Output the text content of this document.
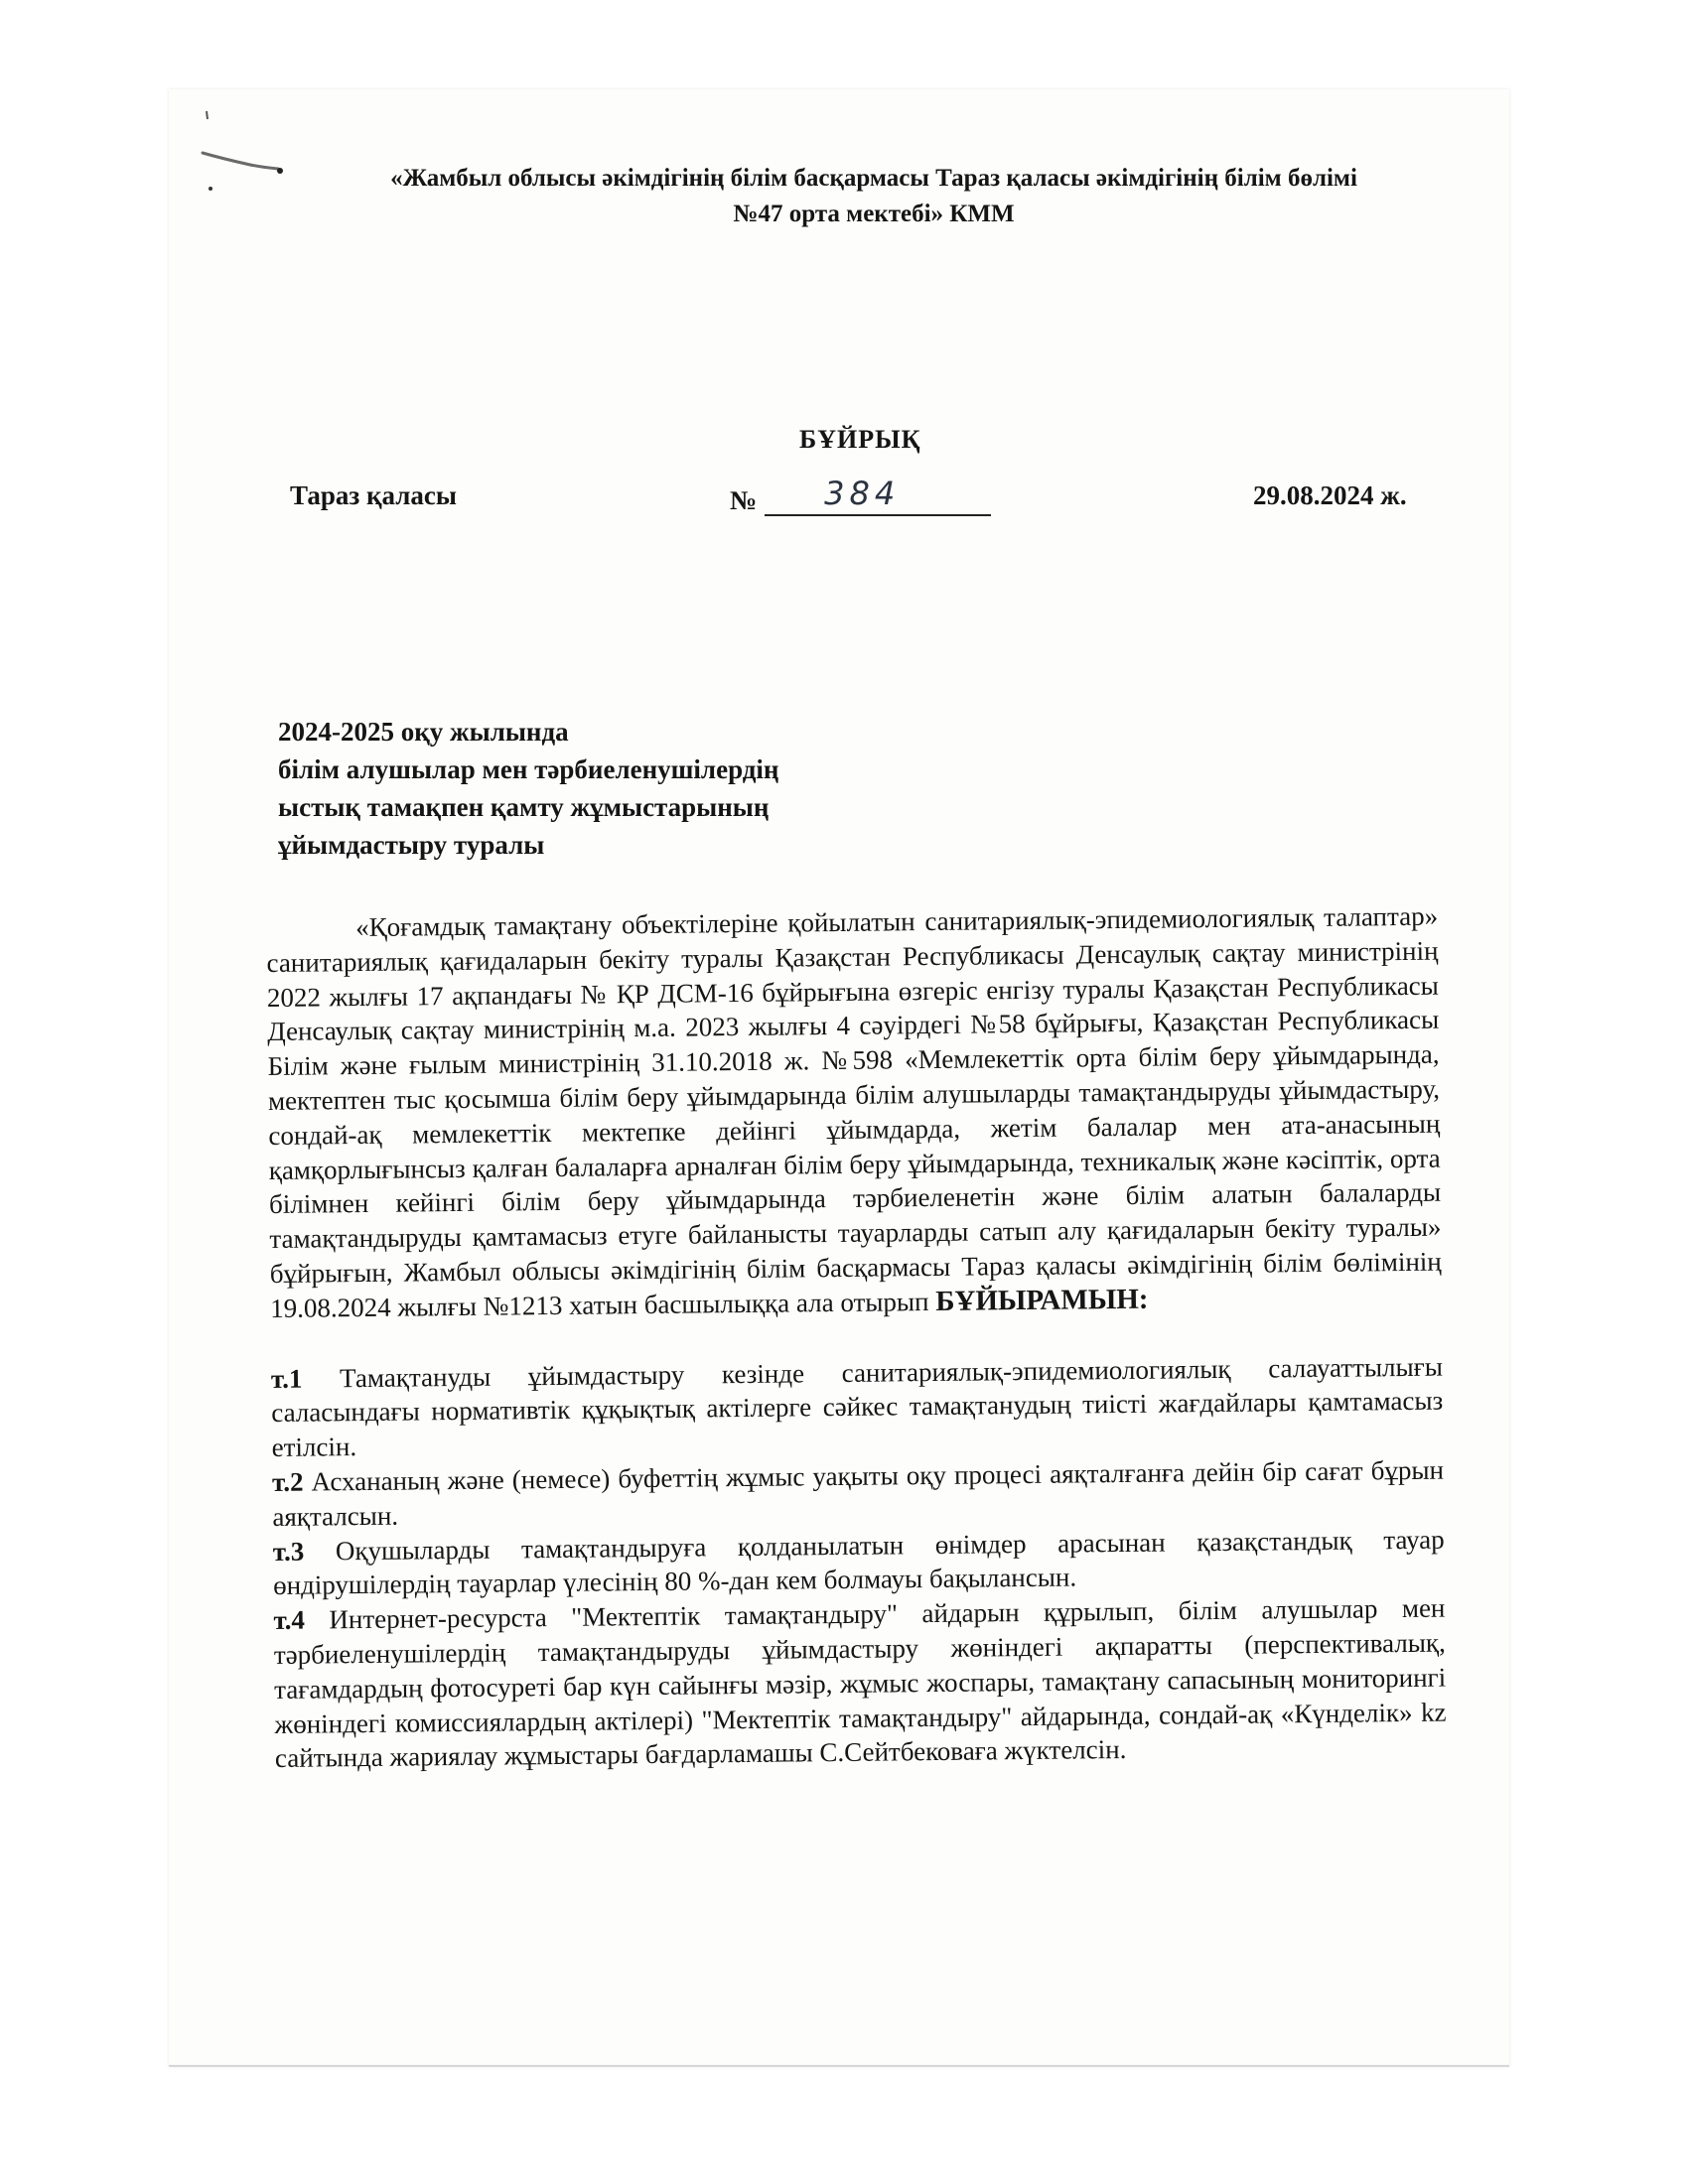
«Жамбыл облысы әкімдігінің білім басқармасы Тараз қаласы әкімдігінің білім бөлімі
№47 орта мектебі» КММ
БҰЙРЫҚ
Тараз қаласы	№ 384	29.08.2024 ж.
2024-2025 оқу жылында
білім алушылар мен тәрбиеленушілердің
ыстық тамақпен қамту жұмыстарының
ұйымдастыру туралы

«Қоғамдық тамақтану объектілеріне қойылатын санитариялық-эпидемиологиялық талаптар» санитариялық қағидаларын бекіту туралы Қазақстан Республикасы Денсаулық сақтау министрінің 2022 жылғы 17 ақпандағы № ҚР ДСМ-16 бұйрығына өзгеріс енгізу туралы Қазақстан Республикасы Денсаулық сақтау министрінің м.а. 2023 жылғы 4 сәуірдегі №58 бұйрығы, Қазақстан Республикасы Білім және ғылым министрінің 31.10.2018 ж. №598 «Мемлекеттік орта білім беру ұйымдарында, мектептен тыс қосымша білім беру ұйымдарында білім алушыларды тамақтандыруды ұйымдастыру, сондай-ақ мемлекеттік мектепке дейінгі ұйымдарда, жетім балалар мен ата-анасының қамқорлығынсыз қалған балаларға арналған білім беру ұйымдарында, техникалық және кәсіптік, орта білімнен кейінгі білім беру ұйымдарында тәрбиеленетін және білім алатын балаларды тамақтандыруды қамтамасыз етуге байланысты тауарларды сатып алу қағидаларын бекіту туралы» бұйрығын, Жамбыл облысы әкімдігінің білім басқармасы Тараз қаласы әкімдігінің білім бөлімінің 19.08.2024 жылғы №1213 хатын басшылыққа ала отырып БҰЙЫРАМЫН:

т.1 Тамақтануды ұйымдастыру кезінде санитариялық-эпидемиологиялық салауаттылығы саласындағы нормативтік құқықтық актілерге сәйкес тамақтанудың тиісті жағдайлары қамтамасыз етілсін.

т.2 Асхананың және (немесе) буфеттің жұмыс уақыты оқу процесі аяқталғанға дейін бір сағат бұрын аяқталсын.

т.3 Оқушыларды тамақтандыруға қолданылатын өнімдер арасынан қазақстандық тауар өндірушілердің тауарлар үлесінің 80 %-дан кем болмауы бақылансын.

т.4 Интернет-ресурста "Мектептік тамақтандыру" айдарын құрылып, білім алушылар мен тәрбиеленушілердің тамақтандыруды ұйымдастыру жөніндегі ақпаратты (перспективалық, тағамдардың фотосуреті бар күн сайынғы мәзір, жұмыс жоспары, тамақтану сапасының мониторингі жөніндегі комиссиялардың актілері) "Мектептік тамақтандыру" айдарында, сондай-ақ «Күнделік» kz сайтында жариялау жұмыстары бағдарламашы С.Сейтбековаға жүктелсін.
